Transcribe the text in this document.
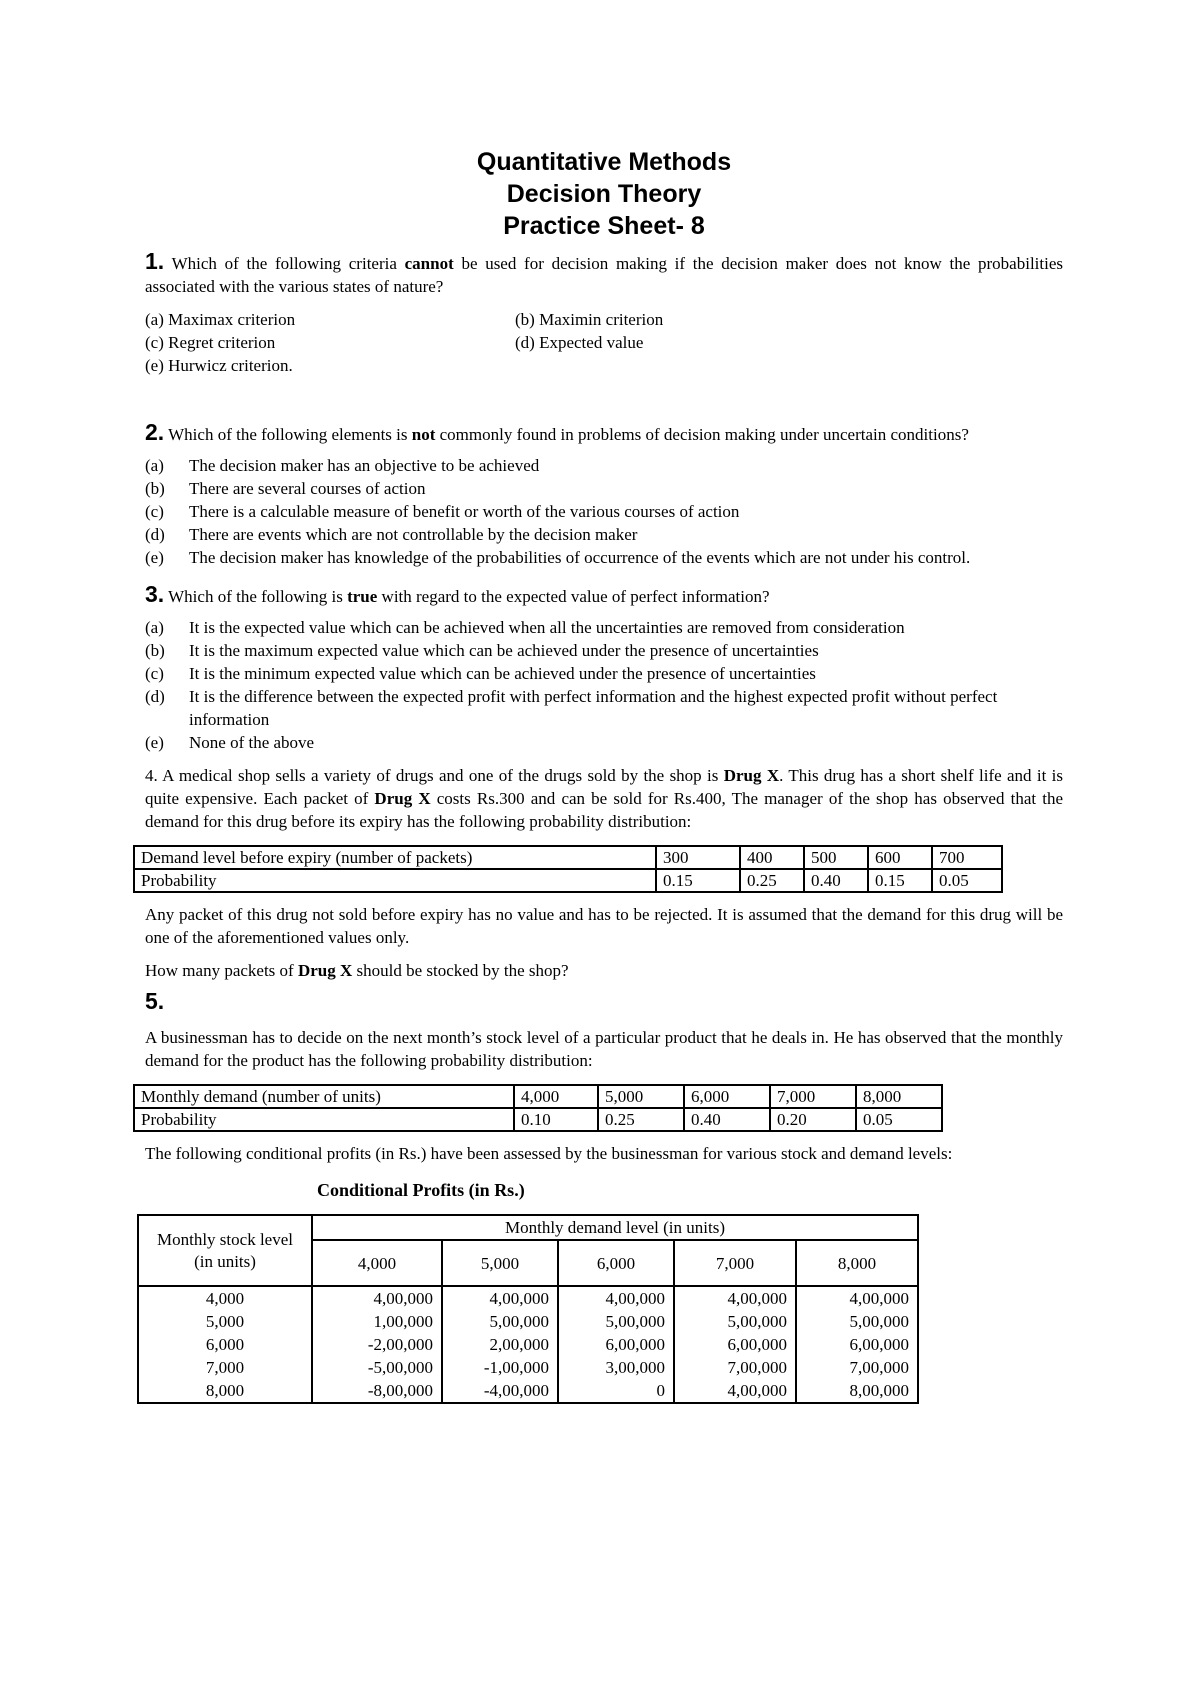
Quantitative Methods
Decision Theory
Practice Sheet- 8
1. Which of the following criteria cannot be used for decision making if the decision maker does not know the probabilities associated with the various states of nature?
(a) Maximax criterion	(b) Maximin criterion
(c) Regret criterion	(d) Expected value
(e) Hurwicz criterion.
2. Which of the following elements is not commonly found in problems of decision making under uncertain conditions?
(a)	The decision maker has an objective to be achieved
(b)	There are several courses of action
(c)	There is a calculable measure of benefit or worth of the various courses of action
(d)	There are events which are not controllable by the decision maker
(e)	The decision maker has knowledge of the probabilities of occurrence of the events which are not under his control.
3. Which of the following is true with regard to the expected value of perfect information?
(a)	It is the expected value which can be achieved when all the uncertainties are removed from consideration
(b)	It is the maximum expected value which can be achieved under the presence of uncertainties
(c)	It is the minimum expected value which can be achieved under the presence of uncertainties
(d)	It is the difference between the expected profit with perfect information and the highest expected profit without perfect information
(e)	None of the above
4. A medical shop sells a variety of drugs and one of the drugs sold by the shop is Drug X. This drug has a short shelf life and it is quite expensive. Each packet of Drug X costs Rs.300 and can be sold for Rs.400, The manager of the shop has observed that the demand for this drug before its expiry has the following probability distribution:
Demand level before expiry (number of packets)	300	400	500	600	700
Probability	0.15	0.25	0.40	0.15	0.05
Any packet of this drug not sold before expiry has no value and has to be rejected. It is assumed that the demand for this drug will be one of the aforementioned values only.
How many packets of Drug X should be stocked by the shop?
5.
A businessman has to decide on the next month’s stock level of a particular product that he deals in. He has observed that the monthly demand for the product has the following probability distribution:
Monthly demand (number of units)	4,000	5,000	6,000	7,000	8,000
Probability	0.10	0.25	0.40	0.20	0.05
The following conditional profits (in Rs.) have been assessed by the businessman for various stock and demand levels:
Conditional Profits (in Rs.)
Monthly stock level (in units)	Monthly demand level (in units)				
	4,000	5,000	6,000	7,000	8,000
4,000	4,00,000	4,00,000	4,00,000	4,00,000	4,00,000
5,000	1,00,000	5,00,000	5,00,000	5,00,000	5,00,000
6,000	-2,00,000	2,00,000	6,00,000	6,00,000	6,00,000
7,000	-5,00,000	-1,00,000	3,00,000	7,00,000	7,00,000
8,000	-8,00,000	-4,00,000	0	4,00,000	8,00,000
